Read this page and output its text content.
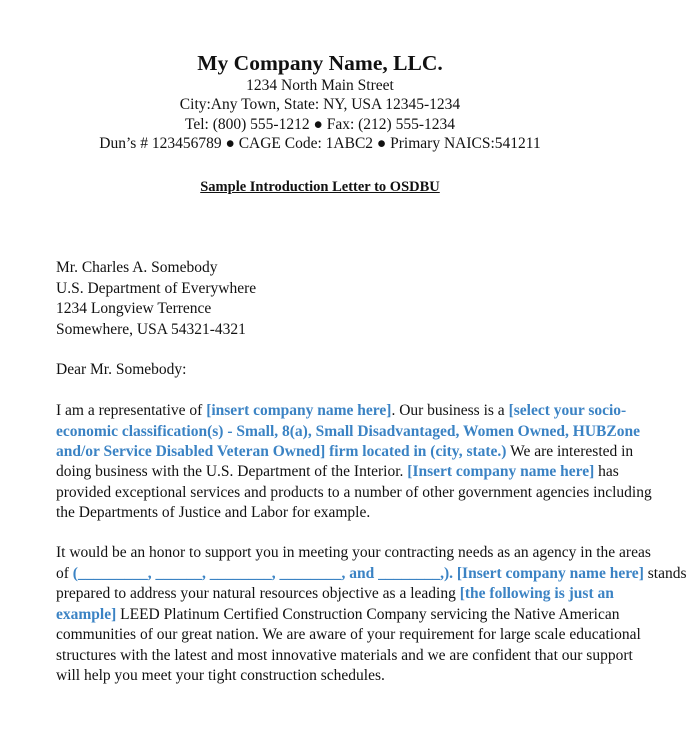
My Company Name, LLC.
1234 North Main Street
City:Any Town, State: NY, USA 12345-1234
Tel: (800) 555-1212 ● Fax: (212) 555-1234
Dun’s # 123456789 ● CAGE Code: 1ABC2 ● Primary NAICS:541211
Sample Introduction Letter to OSDBU
Mr. Charles A. Somebody
U.S. Department of Everywhere
1234 Longview Terrence
Somewhere, USA 54321-4321
Dear Mr. Somebody:
I am a representative of [insert company name here]. Our business is a [select your socio-
economic classification(s) - Small, 8(a), Small Disadvantaged, Women Owned, HUBZone
and/or Service Disabled Veteran Owned] firm located in (city, state.) We are interested in
doing business with the U.S. Department of the Interior. [Insert company name here] has
provided exceptional services and products to a number of other government agencies including
the Departments of Justice and Labor for example.
It would be an honor to support you in meeting your contracting needs as an agency in the areas
of (_________, ______, ________, ________, and ________,). [Insert company name here] stands
prepared to address your natural resources objective as a leading [the following is just an
example] LEED Platinum Certified Construction Company servicing the Native American
communities of our great nation. We are aware of your requirement for large scale educational
structures with the latest and most innovative materials and we are confident that our support
will help you meet your tight construction schedules.
